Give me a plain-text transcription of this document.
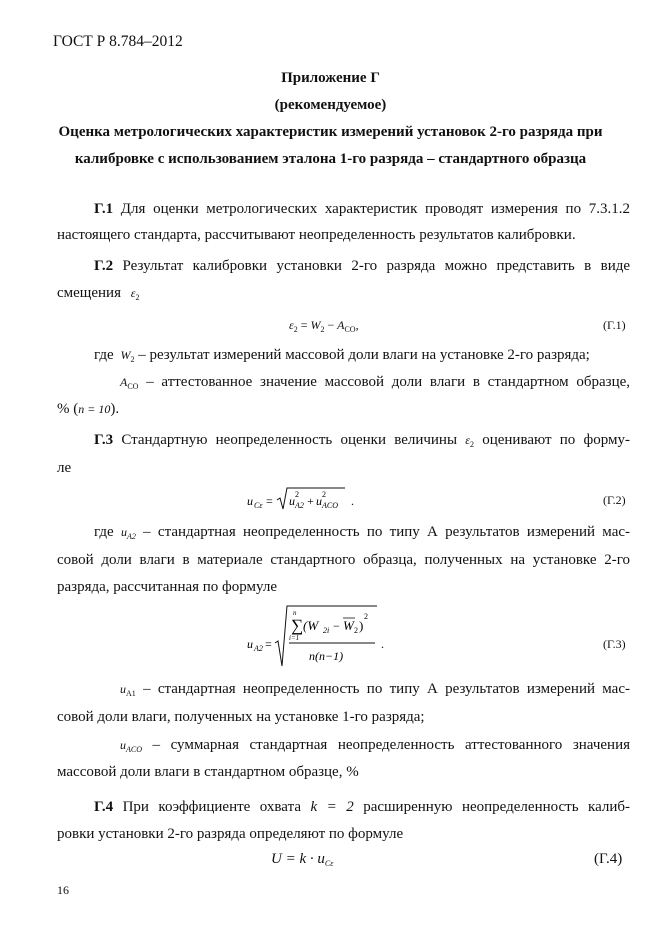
ГОСТ Р 8.784–2012
Приложение Г
(рекомендуемое)
Оценка метрологических характеристик измерений установок 2-го разряда при
калибровке с использованием эталона 1-го разряда – стандартного образца
Г.1 Для оценки метрологических характеристик проводят измерения по 7.3.1.2
настоящего стандарта, рассчитывают неопределенность результатов калибровки.
Г.2 Результат калибровки установки 2-го разряда можно представить в виде
смещения $\varepsilon_2$
$\varepsilon_2 = W_2 - A_{СО}$,	(Г.1)
где $W_2$ – результат измерений массовой доли влаги на установке 2-го разряда;
$A_{СО}$ – аттестованное значение массовой доли влаги в стандартном образце,
% (n = 10).
Г.3 Стандартную неопределенность оценки величины $\varepsilon_2$ оценивают по форму-
ле
u Cε = u 2
A2 + u 2
ACO .	(Г.2)
где $u_{A2}$ – стандартная неопределенность по типу А результатов измерений мас-
совой доли влаги в материале стандартного образца, полученных на установке 2-го
разряда, рассчитанная по формуле
u A2 =
n
∑
i=1
(W 2i − W 2 )
2
n(n−1)
.	(Г.3)
$u_{A1}$ – стандартная неопределенность по типу А результатов измерений мас-
совой доли влаги, полученных на установке 1-го разряда;
$u_{ACO}$ – суммарная стандартная неопределенность аттестованного значения
массовой доли влаги в стандартном образце, %
Г.4 При коэффициенте охвата k = 2 расширенную неопределенность калиб-
ровки установки 2-го разряда определяют по формуле
$U = k \cdot u_{C\varepsilon}$	(Г.4)
16
